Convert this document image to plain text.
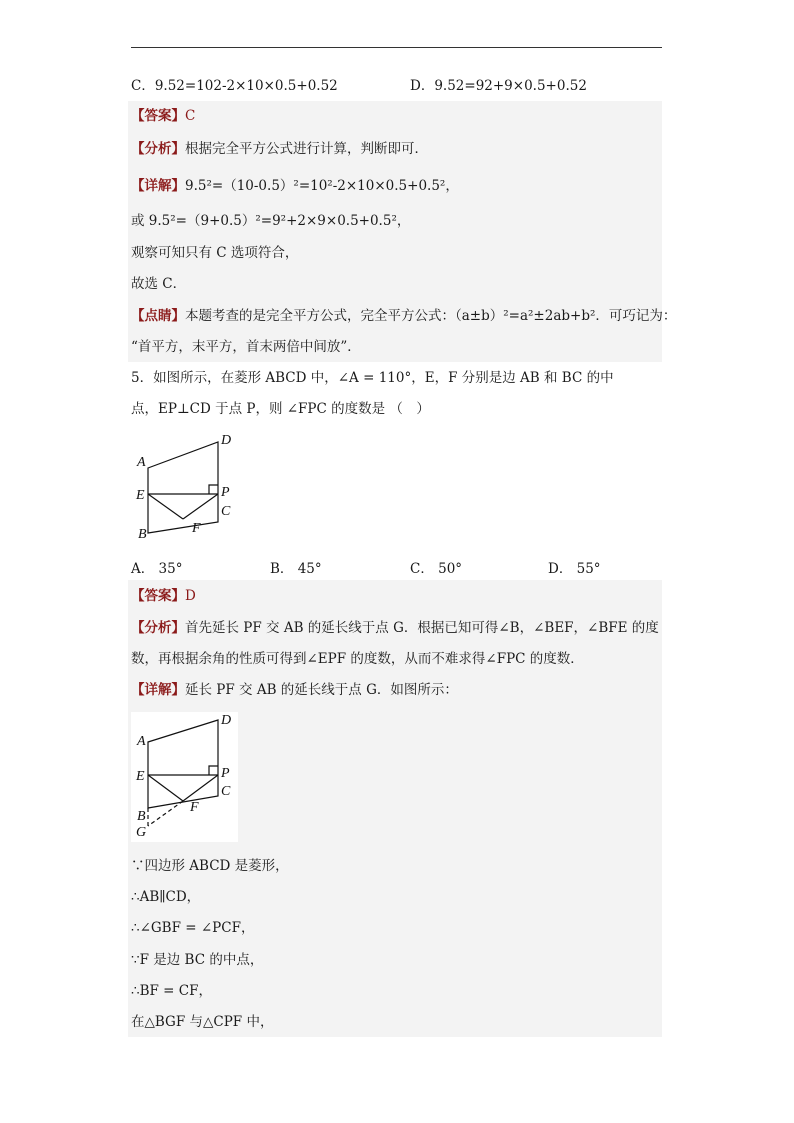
C．9.52=102-2×10×0.5+0.52	D．9.52=92+9×0.5+0.52
【答案】C
【分析】根据完全平方公式进行计算，判断即可．
【详解】9.5²=（10-0.5）²=10²-2×10×0.5+0.5²，
或 9.5²=（9+0.5）²=9²+2×9×0.5+0.5²，
观察可知只有 C 选项符合，
故选 C．
【点睛】本题考查的是完全平方公式，完全平方公式：（a±b）²=a²±2ab+b²．可巧记为：
“首平方，末平方，首末两倍中间放”．
5．如图所示，在菱形 ABCD 中，∠A = 110°，E，F 分别是边 AB 和 BC 的中
点，EP⊥CD 于点 P，则 ∠FPC 的度数是 （　）
A
D
E	P
C
F
B
A． 35°	B． 45°	C． 50°	D． 55°
【答案】D
【分析】首先延长 PF 交 AB 的延长线于点 G．根据已知可得∠B，∠BEF，∠BFE 的度
数，再根据余角的性质可得到∠EPF 的度数，从而不难求得∠FPC 的度数．
【详解】延长 PF 交 AB 的延长线于点 G．如图所示：
A
D
E	P
C
F
B
G
∵四边形 ABCD 是菱形，
∴AB∥CD，
∴∠GBF = ∠PCF，
∵F 是边 BC 的中点，
∴BF = CF，
在△BGF 与△CPF 中，
